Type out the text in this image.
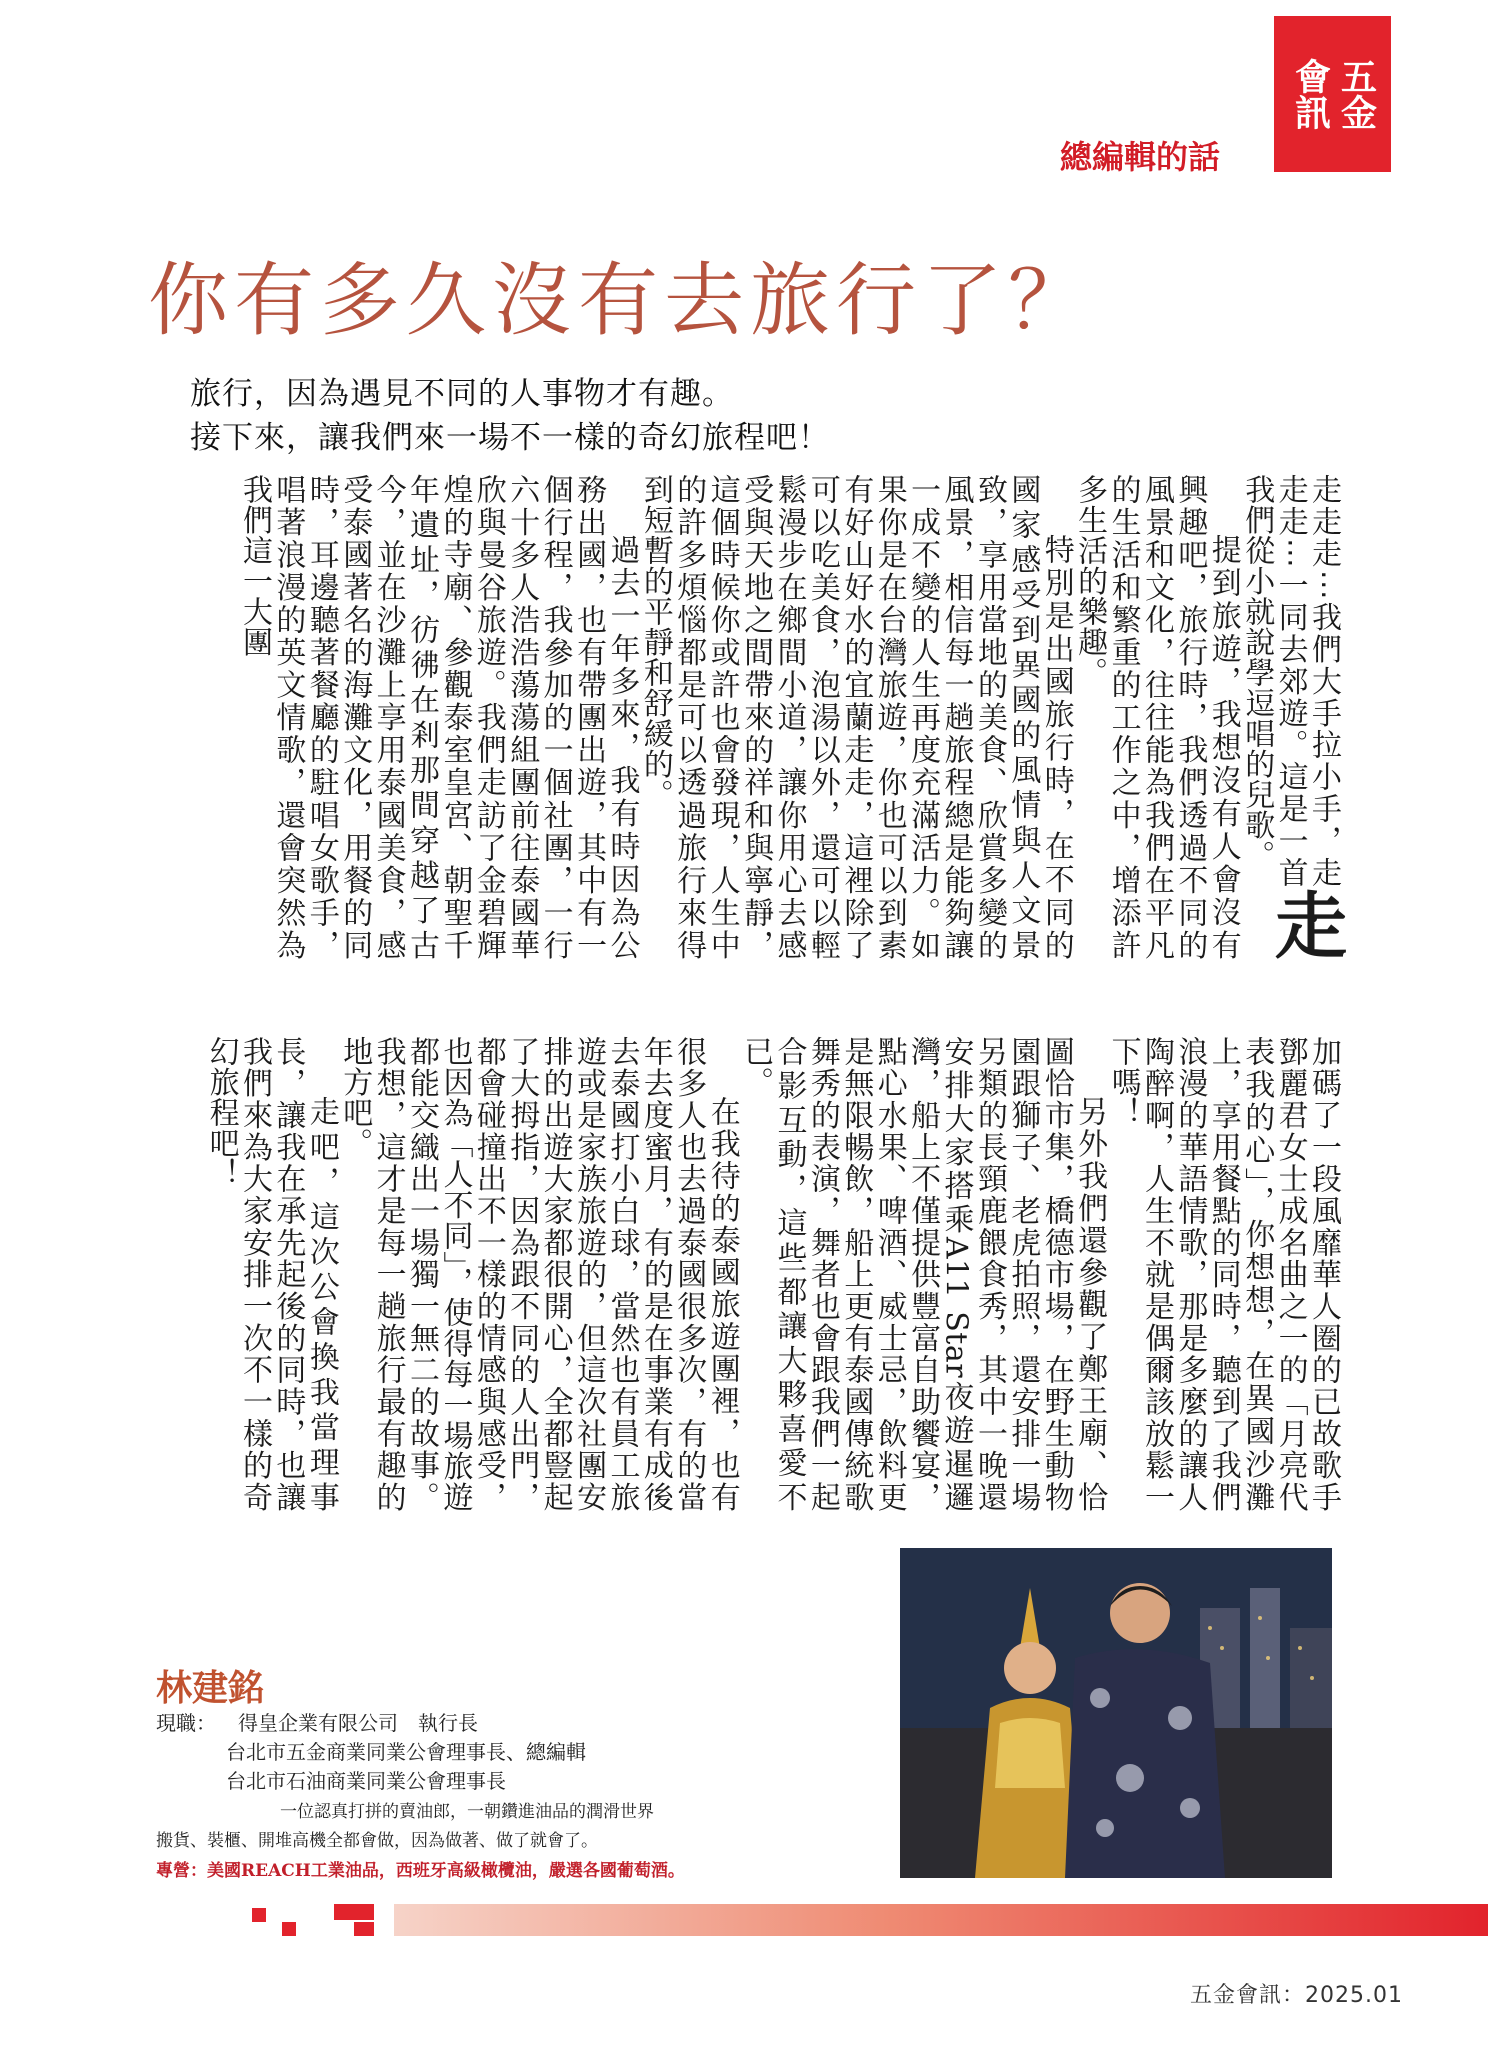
五金
會訊
總編輯的話
你有多久沒有去旅行了？
旅行，因為遇見不同的人事物才有趣。
接下來，讓我們來一場不一樣的奇幻旅程吧！

走
走走走⋯我們大手拉小手，走走走⋯一同去郊遊。這是一首我們從小就說學逗唱的兒歌。

提到旅遊，我想沒有人會沒有興趣吧，旅行時，我們透過不同的風景和文化，往往能為我們在平凡的生活和繁重的工作之中，增添許多生活的樂趣。

特別是出國旅行時，在不同的國家感受到異國的風情與人文景致，享用當地的美食、欣賞多變的風景，相信每一趟旅程總是能夠讓一成不變的人生再度充滿活力。如果你是在台灣旅遊，你也可以到素有好山好水的宜蘭走走，這裡除了可以吃美食，泡湯以外，還可以輕鬆漫步在鄉間小道，讓你用心去感受與天地之間帶來的祥和與寧靜，這個時候你或許也會發現，人生中的許多煩惱都是可以透過旅行來得到短暫的平靜和舒緩的。

過去一年多來，我有時因為公務出國，也有帶團出遊，其中有一個行程，我參加的一個社團，一行六十多人浩浩蕩蕩組團前往泰國華欣與曼谷旅遊。我們走訪了金碧輝煌的寺廟、參觀泰室皇宮、朝聖千年遺址，彷彿在剎那間穿越了古今，並在沙灘上享用泰國美食，感受泰國著名的海灘文化，用餐的同時，耳邊聽著餐廳的駐唱女歌手，唱著浪漫的英文情歌，還會突然為我們這一大團

加碼了一段風靡華人圈的已故歌手鄧麗君女士成名曲之一的「月亮代表我的心」，你想想，在異國沙灘上，享用餐點的同時，聽到了我們浪漫的華語情歌，那是多麼的讓人陶醉啊，人生不就是偶爾該放鬆一下嗎！

另外我們還參觀了鄭王廟、恰圖恰市集，橋德市場，在野生動物園跟獅子、老虎拍照，還安排一場另類的長頸鹿餵食秀，其中一晚還安排大家搭乘A11 Star夜遊暹邏灣，船上不僅提供豐富自助饗宴，點心水果、啤酒、威士忌，飲料更是無限暢飲，船上更有泰國傳統歌舞秀的表演，舞者也會跟我們一起合影互動，這些都讓大夥喜愛不已。

在我待的泰國旅遊團裡，也有很多人也去過泰國很多次，有的當年去度蜜月，有的是在事業有成後去泰國打小白球，當然也有員工旅遊或是家族旅遊的，但這次社團安排的出遊大家都很開心，全都豎起了大拇指，因為跟不同的人出門，都會碰撞出不一樣的情感與感受，也因為「人不同」，使得每一場旅遊都能交織出一場獨一無二的故事。我想，這才是每一趟旅行最有趣的地方吧。

走吧，這次公會換我當理事長，讓我在承先起後的同時，也讓我們來為大家安排一次不一樣的奇幻旅程吧！

林建銘
現職： 得皇企業有限公司　執行長
台北市五金商業同業公會理事長、總編輯
台北市石油商業同業公會理事長
一位認真打拼的賣油郎，一朝鑽進油品的潤滑世界
搬貨、裝櫃、開堆高機全都會做，因為做著、做了就會了。
專營：美國REACH工業油品，西班牙高級橄欖油，嚴選各國葡萄酒。
五金會訊：2025.01
